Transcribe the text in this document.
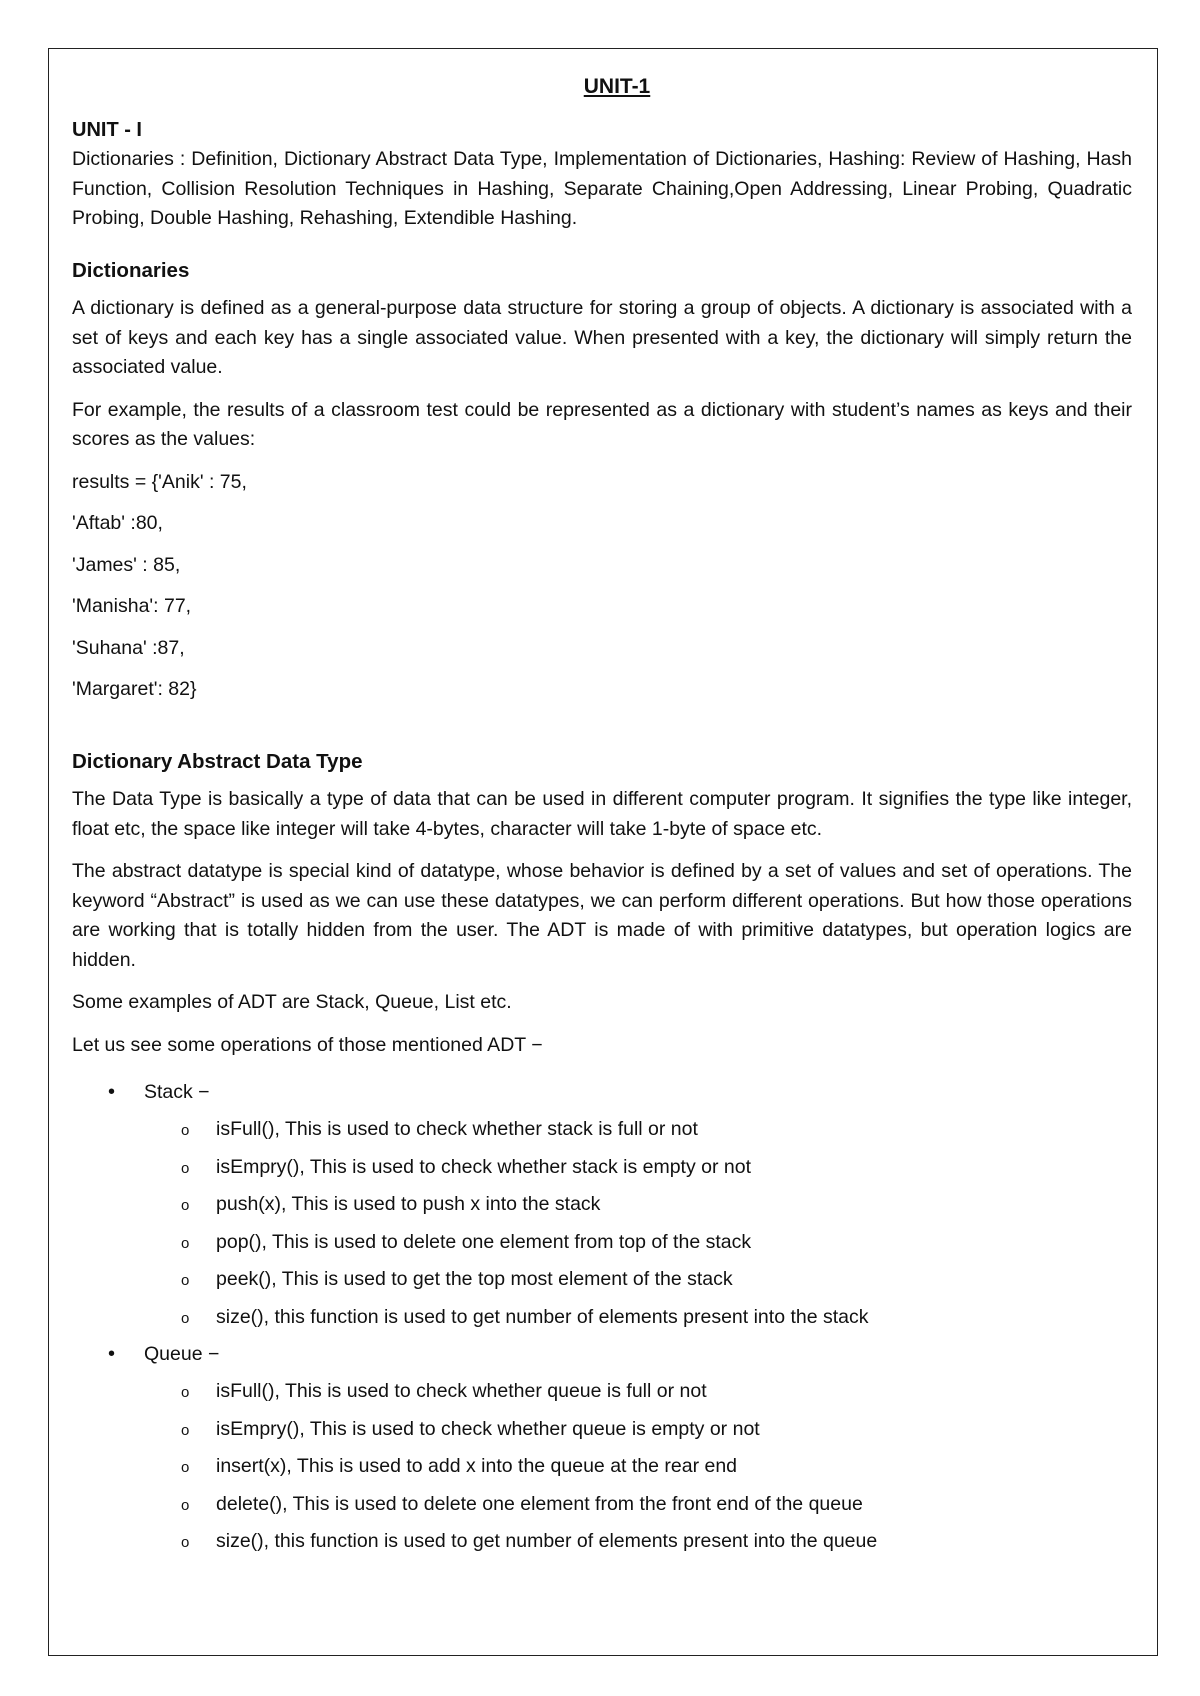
UNIT-1
UNIT - I

Dictionaries : Definition, Dictionary Abstract Data Type, Implementation of Dictionaries, Hashing: Review of Hashing, Hash Function, Collision Resolution Techniques in Hashing, Separate Chaining,Open Addressing, Linear Probing, Quadratic Probing, Double Hashing, Rehashing, Extendible Hashing.

Dictionaries

A dictionary is defined as a general-purpose data structure for storing a group of objects. A dictionary is associated with a set of keys and each key has a single associated value. When presented with a key, the dictionary will simply return the associated value.

For example, the results of a classroom test could be represented as a dictionary with student’s names as keys and their scores as the values:

results = {'Anik' : 75,
'Aftab' :80,
'James' : 85,
'Manisha': 77,
'Suhana' :87,
'Margaret': 82}
Dictionary Abstract Data Type

The Data Type is basically a type of data that can be used in different computer program. It signifies the type like integer, float etc, the space like integer will take 4-bytes, character will take 1-byte of space etc.

The abstract datatype is special kind of datatype, whose behavior is defined by a set of values and set of operations. The keyword “Abstract” is used as we can use these datatypes, we can perform different operations. But how those operations are working that is totally hidden from the user. The ADT is made of with primitive datatypes, but operation logics are hidden.

Some examples of ADT are Stack, Queue, List etc.

Let us see some operations of those mentioned ADT −

• Stack −
o isFull(), This is used to check whether stack is full or not
o isEmpry(), This is used to check whether stack is empty or not
o push(x), This is used to push x into the stack
o pop(), This is used to delete one element from top of the stack
o peek(), This is used to get the top most element of the stack
o size(), this function is used to get number of elements present into the stack
• Queue −
o isFull(), This is used to check whether queue is full or not
o isEmpry(), This is used to check whether queue is empty or not
o insert(x), This is used to add x into the queue at the rear end
o delete(), This is used to delete one element from the front end of the queue
o size(), this function is used to get number of elements present into the queue
